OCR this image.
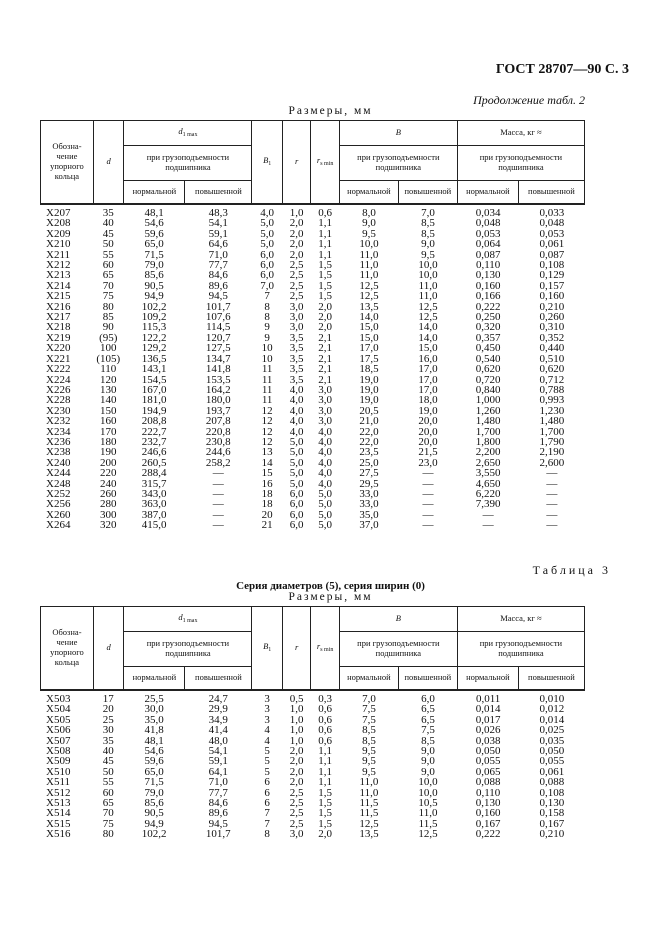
ГОСТ 28707—90 С. 3
Продолжение табл. 2
Размеры, мм
Обозна- чение упорного кольца	d	$d_{1 max}$		$B_1$	r	$r_{s min}$	B		Масса, кг ≈	
		при грузоподъемности подшипника					при грузоподъемности подшипника		при грузоподъемности подшипника	
		нормальной	повышенной				нормальной	повышенной	нормальной	повышенной
X207	35	48,1	48,3	4,0	1,0	0,6	8,0	7,0	0,034	0,033
X208	40	54,6	54,1	5,0	2,0	1,1	9,0	8,5	0,048	0,048
X209	45	59,6	59,1	5,0	2,0	1,1	9,5	8,5	0,053	0,053
X210	50	65,0	64,6	5,0	2,0	1,1	10,0	9,0	0,064	0,061
X211	55	71,5	71,0	6,0	2,0	1,1	11,0	9,5	0,087	0,087
X212	60	79,0	77,7	6,0	2,5	1,5	11,0	10,0	0,110	0,108
X213	65	85,6	84,6	6,0	2,5	1,5	11,0	10,0	0,130	0,129
X214	70	90,5	89,6	7,0	2,5	1,5	12,5	11,0	0,160	0,157
X215	75	94,9	94,5	7	2,5	1,5	12,5	11,0	0,166	0,160
X216	80	102,2	101,7	8	3,0	2,0	13,5	12,5	0,222	0,210
X217	85	109,2	107,6	8	3,0	2,0	14,0	12,5	0,250	0,260
X218	90	115,3	114,5	9	3,0	2,0	15,0	14,0	0,320	0,310
X219	(95)	122,2	120,7	9	3,5	2,1	15,0	14,0	0,357	0,352
X220	100	129,2	127,5	10	3,5	2,1	17,0	15,0	0,450	0,440
X221	(105)	136,5	134,7	10	3,5	2,1	17,5	16,0	0,540	0,510
X222	110	143,1	141,8	11	3,5	2,1	18,5	17,0	0,620	0,620
X224	120	154,5	153,5	11	3,5	2,1	19,0	17,0	0,720	0,712
X226	130	167,0	164,2	11	4,0	3,0	19,0	17,0	0,840	0,788
X228	140	181,0	180,0	11	4,0	3,0	19,0	18,0	1,000	0,993
X230	150	194,9	193,7	12	4,0	3,0	20,5	19,0	1,260	1,230
X232	160	208,8	207,8	12	4,0	3,0	21,0	20,0	1,480	1,480
X234	170	222,7	220,8	12	4,0	4,0	22,0	20,0	1,700	1,700
X236	180	232,7	230,8	12	5,0	4,0	22,0	20,0	1,800	1,790
X238	190	246,6	244,6	13	5,0	4,0	23,5	21,5	2,200	2,190
X240	200	260,5	258,2	14	5,0	4,0	25,0	23,0	2,650	2,600
X244	220	288,4	—	15	5,0	4,0	27,5	—	3,550	—
X248	240	315,7	—	16	5,0	4,0	29,5	—	4,650	—
X252	260	343,0	—	18	6,0	5,0	33,0	—	6,220	—
X256	280	363,0	—	18	6,0	5,0	33,0	—	7,390	—
X260	300	387,0	—	20	6,0	5,0	35,0	—	—	—
X264	320	415,0	—	21	6,0	5,0	37,0	—	—	—
Таблица 3
Серия диаметров (5), серия ширин (0)
Размеры, мм
Обозна- чение упорного кольца	d	$d_{1 max}$		$B_1$	r	$r_{s min}$	B		Масса, кг ≈	
		при грузоподъемности подшипника					при грузоподъемности подшипника		при грузоподъемности подшипника	
		нормальной	повышенной				нормальной	повышенной	нормальной	повышенной
X503	17	25,5	24,7	3	0,5	0,3	7,0	6,0	0,011	0,010
X504	20	30,0	29,9	3	1,0	0,6	7,5	6,5	0,014	0,012
X505	25	35,0	34,9	3	1,0	0,6	7,5	6,5	0,017	0,014
X506	30	41,8	41,4	4	1,0	0,6	8,5	7,5	0,026	0,025
X507	35	48,1	48,0	4	1,0	0,6	8,5	8,5	0,038	0,035
X508	40	54,6	54,1	5	2,0	1,1	9,5	9,0	0,050	0,050
X509	45	59,6	59,1	5	2,0	1,1	9,5	9,0	0,055	0,055
X510	50	65,0	64,1	5	2,0	1,1	9,5	9,0	0,065	0,061
X511	55	71,5	71,0	6	2,0	1,1	11,0	10,0	0,088	0,088
X512	60	79,0	77,7	6	2,5	1,5	11,0	10,0	0,110	0,108
X513	65	85,6	84,6	6	2,5	1,5	11,5	10,5	0,130	0,130
X514	70	90,5	89,6	7	2,5	1,5	11,5	11,0	0,160	0,158
X515	75	94,9	94,5	7	2,5	1,5	12,5	11,5	0,167	0,167
X516	80	102,2	101,7	8	3,0	2,0	13,5	12,5	0,222	0,210
